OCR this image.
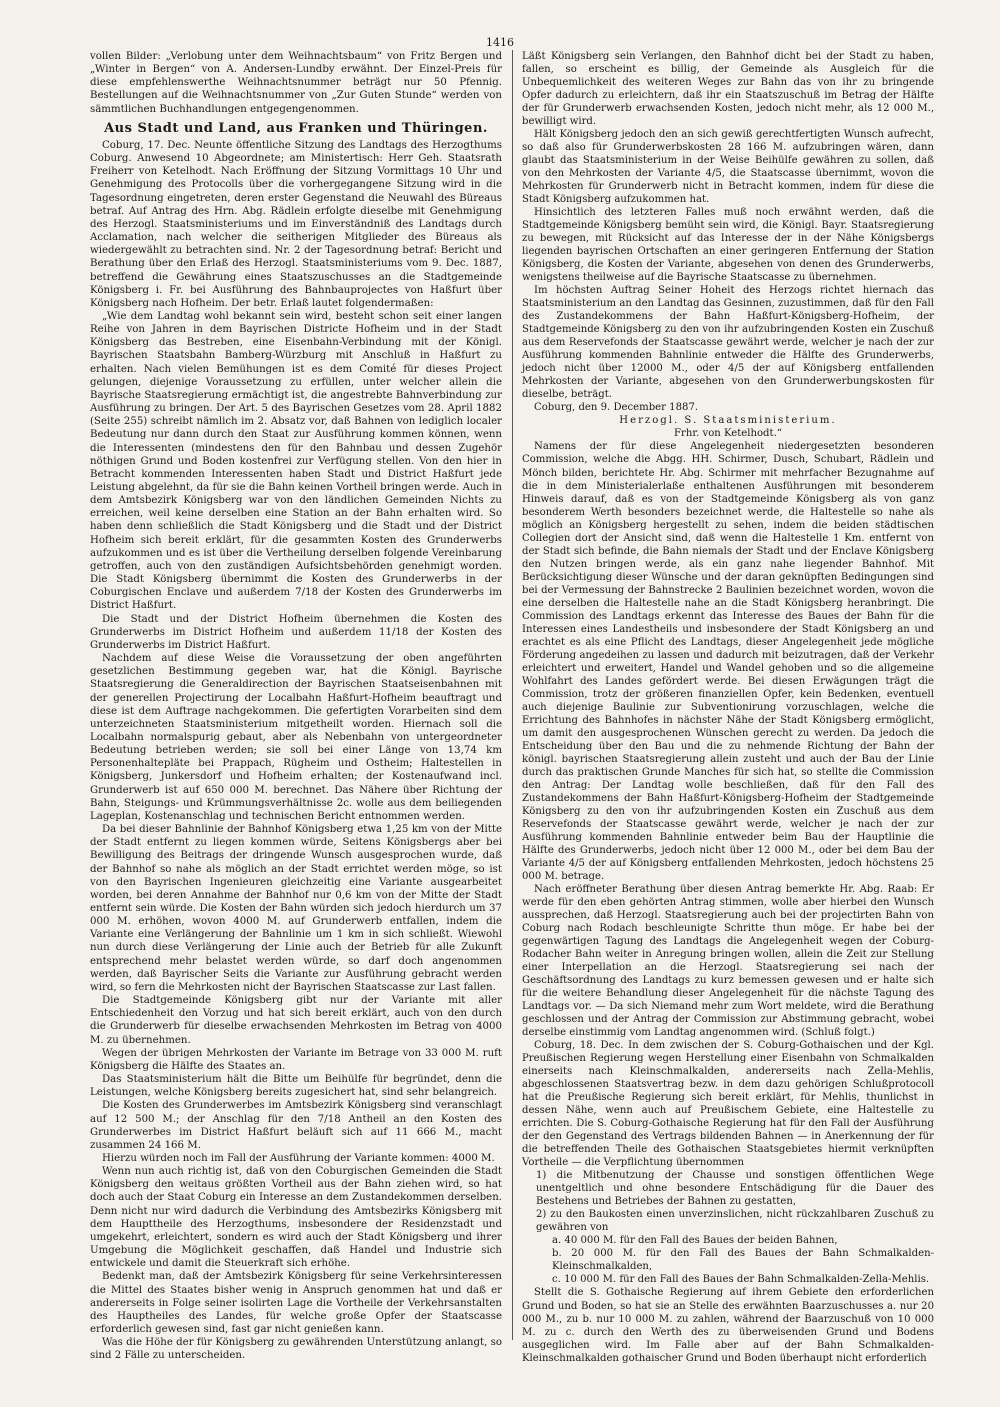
1416

vollen Bilder: „Verlobung unter dem Weihnachtsbaum“ von Fritz Bergen und „Winter in Bergen“ von A. Andersen-Lundby erwähnt. Der Einzel-Preis für diese empfehlenswerthe Weihnachtsnummer beträgt nur 50 Pfennig. Bestellungen auf die Weihnachtsnummer von „Zur Guten Stunde“ werden von sämmtlichen Buchhandlungen entgegengenommen.

Aus Stadt und Land, aus Franken und Thüringen.

Coburg, 17. Dec. Neunte öffentliche Sitzung des Landtags des Herzogthums Coburg. Anwesend 10 Abgeordnete; am Ministertisch: Herr Geh. Staatsrath Freiherr von Ketelhodt. Nach Eröffnung der Sitzung Vormittags 10 Uhr und Genehmigung des Protocolls über die vorhergegangene Sitzung wird in die Tagesordnung eingetreten, deren erster Gegenstand die Neuwahl des Büreaus betraf. Auf Antrag des Hrn. Abg. Rädlein erfolgte dieselbe mit Genehmigung des Herzogl. Staatsministeriums und im Einverständniß des Landtags durch Acclamation, nach welcher die seitherigen Mitglieder des Büreaus als wiedergewählt zu betrachten sind. Nr. 2 der Tagesordnung betraf: Bericht und Berathung über den Erlaß des Herzogl. Staatsministeriums vom 9. Dec. 1887, betreffend die Gewährung eines Staatszuschusses an die Stadtgemeinde Königsberg i. Fr. bei Ausführung des Bahnbauprojectes von Haßfurt über Königsberg nach Hofheim. Der betr. Erlaß lautet folgendermaßen:

„Wie dem Landtag wohl bekannt sein wird, besteht schon seit einer langen Reihe von Jahren in dem Bayrischen Districte Hofheim und in der Stadt Königsberg das Bestreben, eine Eisenbahn-Verbindung mit der Königl. Bayrischen Staatsbahn Bamberg-Würzburg mit Anschluß in Haßfurt zu erhalten. Nach vielen Bemühungen ist es dem Comité für dieses Project gelungen, diejenige Voraussetzung zu erfüllen, unter welcher allein die Bayrische Staatsregierung ermächtigt ist, die angestrebte Bahnverbindung zur Ausführung zu bringen. Der Art. 5 des Bayrischen Gesetzes vom 28. April 1882 (Seite 255) schreibt nämlich im 2. Absatz vor, daß Bahnen von lediglich localer Bedeutung nur dann durch den Staat zur Ausführung kommen können, wenn die Interessenten (mindestens den für den Bahnbau und dessen Zugehör nöthigen Grund und Boden kostenfrei zur Verfügung stellen. Von den hier in Betracht kommenden Interessenten haben Stadt und District Haßfurt jede Leistung abgelehnt, da für sie die Bahn keinen Vortheil bringen werde. Auch in dem Amtsbezirk Königsberg war von den ländlichen Gemeinden Nichts zu erreichen, weil keine derselben eine Station an der Bahn erhalten wird. So haben denn schließlich die Stadt Königsberg und die Stadt und der District Hofheim sich bereit erklärt, für die gesammten Kosten des Grunderwerbs aufzukommen und es ist über die Vertheilung derselben folgende Vereinbarung getroffen, auch von den zuständigen Aufsichtsbehörden genehmigt worden. Die Stadt Königsberg übernimmt die Kosten des Grunderwerbs in der Coburgischen Enclave und außerdem 7/18 der Kosten des Grunderwerbs im District Haßfurt.

Die Stadt und der District Hofheim übernehmen die Kosten des Grunderwerbs im District Hofheim und außerdem 11/18 der Kosten des Grunderwerbs im District Haßfurt.

Nachdem auf diese Weise die Voraussetzung der oben angeführten gesetzlichen Bestimmung gegeben war, hat die Königl. Bayrische Staatsregierung die Generaldirection der Bayrischen Staatseisenbahnen mit der generellen Projectirung der Localbahn Haßfurt-Hofheim beauftragt und diese ist dem Auftrage nachgekommen. Die gefertigten Vorarbeiten sind dem unterzeichneten Staatsministerium mitgetheilt worden. Hiernach soll die Localbahn normalspurig gebaut, aber als Nebenbahn von untergeordneter Bedeutung betrieben werden; sie soll bei einer Länge von 13,74 km Personenhaltepläte bei Prappach, Rügheim und Ostheim; Haltestellen in Königsberg, Junkersdorf und Hofheim erhalten; der Kostenaufwand incl. Grunderwerb ist auf 650 000 M. berechnet. Das Nähere über Richtung der Bahn, Steigungs- und Krümmungsverhältnisse 2c. wolle aus dem beiliegenden Lageplan, Kostenanschlag und technischen Bericht entnommen werden.

Da bei dieser Bahnlinie der Bahnhof Königsberg etwa 1,25 km von der Mitte der Stadt entfernt zu liegen kommen würde, Seitens Königsbergs aber bei Bewilligung des Beitrags der dringende Wunsch ausgesprochen wurde, daß der Bahnhof so nahe als möglich an der Stadt errichtet werden möge, so ist von den Bayrischen Ingenieuren gleichzeitig eine Variante ausgearbeitet worden, bei deren Annahme der Bahnhof nur 0,6 km von der Mitte der Stadt entfernt sein würde. Die Kosten der Bahn würden sich jedoch hierdurch um 37 000 M. erhöhen, wovon 4000 M. auf Grunderwerb entfallen, indem die Variante eine Verlängerung der Bahnlinie um 1 km in sich schließt. Wiewohl nun durch diese Verlängerung der Linie auch der Betrieb für alle Zukunft entsprechend mehr belastet werden würde, so darf doch angenommen werden, daß Bayrischer Seits die Variante zur Ausführung gebracht werden wird, so fern die Mehrkosten nicht der Bayrischen Staatscasse zur Last fallen.

Die Stadtgemeinde Königsberg gibt nur der Variante mit aller Entschiedenheit den Vorzug und hat sich bereit erklärt, auch von den durch die Grunderwerb für dieselbe erwachsenden Mehrkosten im Betrag von 4000 M. zu übernehmen.

Wegen der übrigen Mehrkosten der Variante im Betrage von 33 000 M. ruft Königsberg die Hälfte des Staates an.

Das Staatsministerium hält die Bitte um Beihülfe für begründet, denn die Leistungen, welche Königsberg bereits zugesichert hat, sind sehr belangreich.

Die Kosten des Grunderwerbes im Amtsbezirk Königsberg sind veranschlagt auf 12 500 M.; der Anschlag für den 7/18 Antheil an den Kosten des Grunderwerbes im District Haßfurt beläuft sich auf 11 666 M., macht zusammen 24 166 M.

Hierzu würden noch im Fall der Ausführung der Variante kommen: 4000 M.

Wenn nun auch richtig ist, daß von den Coburgischen Gemeinden die Stadt Königsberg den weitaus größten Vortheil aus der Bahn ziehen wird, so hat doch auch der Staat Coburg ein Interesse an dem Zustandekommen derselben. Denn nicht nur wird dadurch die Verbindung des Amtsbezirks Königsberg mit dem Haupttheile des Herzogthums, insbesondere der Residenzstadt und umgekehrt, erleichtert, sondern es wird auch der Stadt Königsberg und ihrer Umgebung die Möglichkeit geschaffen, daß Handel und Industrie sich entwickele und damit die Steuerkraft sich erhöhe.

Bedenkt man, daß der Amtsbezirk Königsberg für seine Verkehrsinteressen die Mittel des Staates bisher wenig in Anspruch genommen hat und daß er andererseits in Folge seiner isolirten Lage die Vortheile der Verkehrsanstalten des Hauptheiles des Landes, für welche große Opfer der Staatscasse erforderlich gewesen sind, fast gar nicht genießen kann.

Was die Höhe der für Königsberg zu gewährenden Unterstützung anlangt, so sind 2 Fälle zu unterscheiden.

Läßt Königsberg sein Verlangen, den Bahnhof dicht bei der Stadt zu haben, fallen, so erscheint es billig, der Gemeinde als Ausgleich für die Unbequemlichkeit des weiteren Weges zur Bahn das von ihr zu bringende Opfer dadurch zu erleichtern, daß ihr ein Staatszuschuß im Betrag der Hälfte der für Grunderwerb erwachsenden Kosten, jedoch nicht mehr, als 12 000 M., bewilligt wird.

Hält Königsberg jedoch den an sich gewiß gerechtfertigten Wunsch aufrecht, so daß also für Grunderwerbskosten 28 166 M. aufzubringen wären, dann glaubt das Staatsministerium in der Weise Beihülfe gewähren zu sollen, daß von den Mehrkosten der Variante 4/5, die Staatscasse übernimmt, wovon die Mehrkosten für Grunderwerb nicht in Betracht kommen, indem für diese die Stadt Königsberg aufzukommen hat.

Hinsichtlich des letzteren Falles muß noch erwähnt werden, daß die Stadtgemeinde Königsberg bemüht sein wird, die Königl. Bayr. Staatsregierung zu bewegen, mit Rücksicht auf das Interesse der in der Nähe Königsbergs liegenden bayrischen Ortschaften an einer geringeren Entfernung der Station Königsberg, die Kosten der Variante, abgesehen von denen des Grunderwerbs, wenigstens theilweise auf die Bayrische Staatscasse zu übernehmen.

Im höchsten Auftrag Seiner Hoheit des Herzogs richtet hiernach das Staatsministerium an den Landtag das Gesinnen, zuzustimmen, daß für den Fall des Zustandekommens der Bahn Haßfurt-Königsberg-Hofheim, der Stadtgemeinde Königsberg zu den von ihr aufzubringenden Kosten ein Zuschuß aus dem Reservefonds der Staatscasse gewährt werde, welcher je nach der zur Ausführung kommenden Bahnlinie entweder die Hälfte des Grunderwerbs, jedoch nicht über 12000 M., oder 4/5 der auf Königsberg entfallenden Mehrkosten der Variante, abgesehen von den Grunderwerbungskosten für dieselbe, beträgt.

Coburg, den 9. December 1887.

Herzogl. S. Staatsministerium.
Frhr. von Ketelhodt.“

Namens der für diese Angelegenheit niedergesetzten besonderen Commission, welche die Abgg. HH. Schirmer, Dusch, Schubart, Rädlein und Mönch bilden, berichtete Hr. Abg. Schirmer mit mehrfacher Bezugnahme auf die in dem Ministerialerlaße enthaltenen Ausführungen mit besonderem Hinweis darauf, daß es von der Stadtgemeinde Königsberg als von ganz besonderem Werth besonders bezeichnet werde, die Haltestelle so nahe als möglich an Königsberg hergestellt zu sehen, indem die beiden städtischen Collegien dort der Ansicht sind, daß wenn die Haltestelle 1 Km. entfernt von der Stadt sich befinde, die Bahn niemals der Stadt und der Enclave Königsberg den Nutzen bringen werde, als ein ganz nahe liegender Bahnhof. Mit Berücksichtigung dieser Wünsche und der daran geknüpften Bedingungen sind bei der Vermessung der Bahnstrecke 2 Baulinien bezeichnet worden, wovon die eine derselben die Haltestelle nahe an die Stadt Königsberg heranbringt. Die Commission des Landtags erkennt das Interesse des Baues der Bahn für die Interessen eines Landestheils und insbesondere der Stadt Königsberg an und erachtet es als eine Pflicht des Landtags, dieser Angelegenheit jede mögliche Förderung angedeihen zu lassen und dadurch mit beizutragen, daß der Verkehr erleichtert und erweitert, Handel und Wandel gehoben und so die allgemeine Wohlfahrt des Landes gefördert werde. Bei diesen Erwägungen trägt die Commission, trotz der größeren finanziellen Opfer, kein Bedenken, eventuell auch diejenige Baulinie zur Subventionirung vorzuschlagen, welche die Errichtung des Bahnhofes in nächster Nähe der Stadt Königsberg ermöglicht, um damit den ausgesprochenen Wünschen gerecht zu werden. Da jedoch die Entscheidung über den Bau und die zu nehmende Richtung der Bahn der königl. bayrischen Staatsregierung allein zusteht und auch der Bau der Linie durch das praktischen Grunde Manches für sich hat, so stellte die Commission den Antrag: Der Landtag wolle beschließen, daß für den Fall des Zustandekommens der Bahn Haßfurt-Königsberg-Hofheim der Stadtgemeinde Königsberg zu den von ihr aufzubringenden Kosten ein Zuschuß aus dem Reservefonds der Staatscasse gewährt werde, welcher je nach der zur Ausführung kommenden Bahnlinie entweder beim Bau der Hauptlinie die Hälfte des Grunderwerbs, jedoch nicht über 12 000 M., oder bei dem Bau der Variante 4/5 der auf Königsberg entfallenden Mehrkosten, jedoch höchstens 25 000 M. betrage.

Nach eröffneter Berathung über diesen Antrag bemerkte Hr. Abg. Raab: Er werde für den eben gehörten Antrag stimmen, wolle aber hierbei den Wunsch aussprechen, daß Herzogl. Staatsregierung auch bei der projectirten Bahn von Coburg nach Rodach beschleunigte Schritte thun möge. Er habe bei der gegenwärtigen Tagung des Landtags die Angelegenheit wegen der Coburg-Rodacher Bahn weiter in Anregung bringen wollen, allein die Zeit zur Stellung einer Interpellation an die Herzogl. Staatsregierung sei nach der Geschäftsordnung des Landtags zu kurz bemessen gewesen und er halte sich für die weitere Behandlung dieser Angelegenheit für die nächste Tagung des Landtags vor. — Da sich Niemand mehr zum Wort meldete, wird die Berathung geschlossen und der Antrag der Commission zur Abstimmung gebracht, wobei derselbe einstimmig vom Landtag angenommen wird. (Schluß folgt.)

Coburg, 18. Dec. In dem zwischen der S. Coburg-Gothaischen und der Kgl. Preußischen Regierung wegen Herstellung einer Eisenbahn von Schmalkalden einerseits nach Kleinschmalkalden, andererseits nach Zella-Mehlis, abgeschlossenen Staatsvertrag bezw. in dem dazu gehörigen Schlußprotocoll hat die Preußische Regierung sich bereit erklärt, für Mehlis, thunlichst in dessen Nähe, wenn auch auf Preußischem Gebiete, eine Haltestelle zu errichten. Die S. Coburg-Gothaische Regierung hat für den Fall der Ausführung der den Gegenstand des Vertrags bildenden Bahnen — in Anerkennung der für die betreffenden Theile des Gothaischen Staatsgebietes hiermit verknüpften Vortheile — die Verpflichtung übernommen

1) die Mitbenutzung der Chausse und sonstigen öffentlichen Wege unentgeltlich und ohne besondere Entschädigung für die Dauer des Bestehens und Betriebes der Bahnen zu gestatten,
2) zu den Baukosten einen unverzinslichen, nicht rückzahlbaren Zuschuß zu gewähren von
a. 40 000 M. für den Fall des Baues der beiden Bahnen,
b. 20 000 M. für den Fall des Baues der Bahn Schmalkalden-Kleinschmalkalden,
c. 10 000 M. für den Fall des Baues der Bahn Schmalkalden-Zella-Mehlis.

Stellt die S. Gothaische Regierung auf ihrem Gebiete den erforderlichen Grund und Boden, so hat sie an Stelle des erwähnten Baarzuschusses a. nur 20 000 M., zu b. nur 10 000 M. zu zahlen, während der Baarzuschuß von 10 000 M. zu c. durch den Werth des zu überweisenden Grund und Bodens ausgeglichen wird. Im Falle aber auf der Bahn Schmalkalden-Kleinschmalkalden gothaischer Grund und Boden überhaupt nicht erforderlich
